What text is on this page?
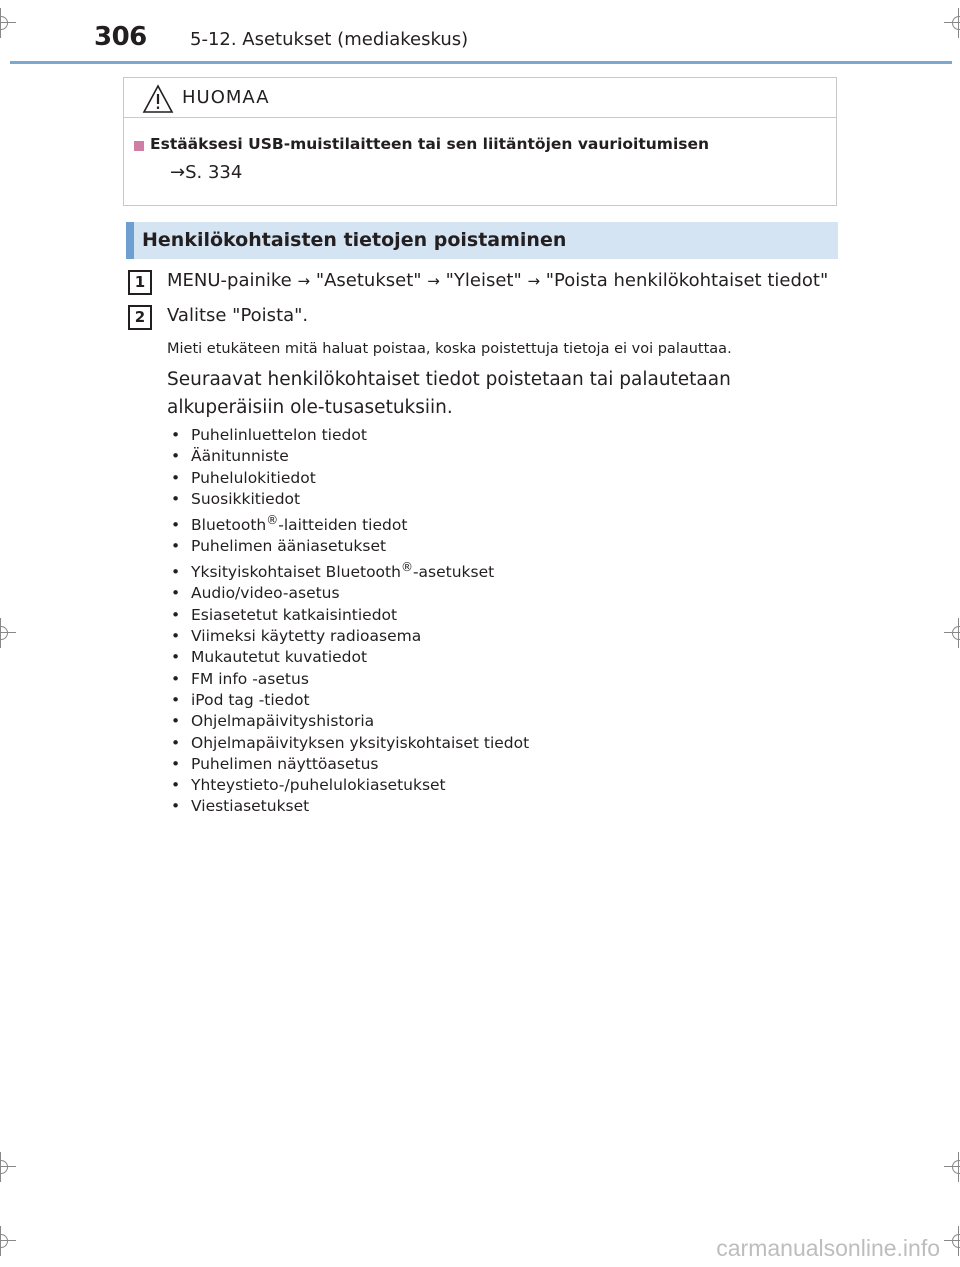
306 5-12. Asetukset (mediakeskus)
HUOMAA
Estääksesi USB-muistilaitteen tai sen liitäntöjen vaurioitumisen
→S. 334
Henkilökohtaisten tietojen poistaminen
1	MENU-painike → "Asetukset" → "Yleiset" → "Poista henkilökohtaiset tiedot"
2	Valitse "Poista".
Mieti etukäteen mitä haluat poistaa, koska poistettuja tietoja ei voi palauttaa.
Seuraavat henkilökohtaiset tiedot poistetaan tai palautetaan alkuperäisiin ole-tusasetuksiin.
• Puhelinluettelon tiedot
• Äänitunniste
• Puhelulokitiedot
• Suosikkitiedot
• Bluetooth®-laitteiden tiedot
• Puhelimen ääniasetukset
• Yksityiskohtaiset Bluetooth®-asetukset
• Audio/video-asetus
• Esiasetetut katkaisintiedot
• Viimeksi käytetty radioasema
• Mukautetut kuvatiedot
• FM info -asetus
• iPod tag -tiedot
• Ohjelmapäivityshistoria
• Ohjelmapäivityksen yksityiskohtaiset tiedot
• Puhelimen näyttöasetus
• Yhteystieto-/puhelulokiasetukset
• Viestiasetukset
carmanualsonline.info
